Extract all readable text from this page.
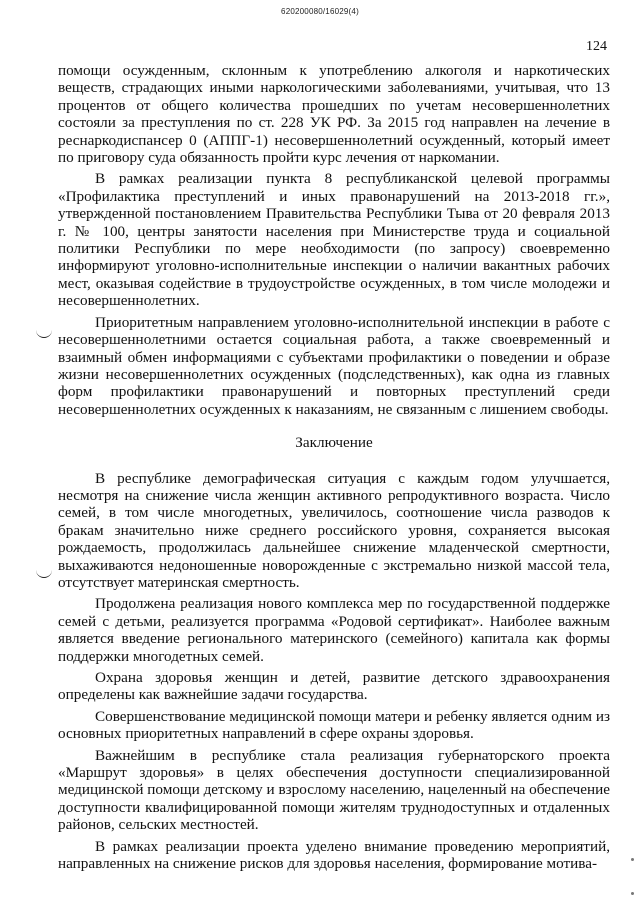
620200080/16029(4)
124

помощи осужденным, склонным к употреблению алкоголя и наркотических веществ, страдающих иными наркологическими заболеваниями, учитывая, что 13 процентов от общего количества прошедших по учетам несовершеннолетних состояли за преступления по ст. 228 УК РФ. За 2015 год направлен на лечение в реснаркодиспансер 0 (АППГ-1) несовершеннолетний осужденный, который имеет по приговору суда обязанность пройти курс лечения от наркомании.

В рамках реализации пункта 8 республиканской целевой программы «Профилактика преступлений и иных правонарушений на 2013-2018 гг.», утвержденной постановлением Правительства Республики Тыва от 20 февраля 2013 г. № 100, центры занятости населения при Министерстве труда и социальной политики Республики по мере необходимости (по запросу) своевременно информируют уголовно-исполнительные инспекции о наличии вакантных рабочих мест, оказывая содействие в трудоустройстве осужденных, в том числе молодежи и несовершеннолетних.

Приоритетным направлением уголовно-исполнительной инспекции в работе с несовершеннолетними остается социальная работа, а также своевременный и взаимный обмен информациями с субъектами профилактики о поведении и образе жизни несовершеннолетних осужденных (подследственных), как одна из главных форм профилактики правонарушений и повторных преступлений среди несовершеннолетних осужденных к наказаниям, не связанным с лишением свободы.

Заключение

В республике демографическая ситуация с каждым годом улучшается, несмотря на снижение числа женщин активного репродуктивного возраста. Число семей, в том числе многодетных, увеличилось, соотношение числа разводов к бракам значительно ниже среднего российского уровня, сохраняется высокая рождаемость, продолжилась дальнейшее снижение младенческой смертности, выхаживаются недоношенные новорожденные с экстремально низкой массой тела, отсутствует материнская смертность.

Продолжена реализация нового комплекса мер по государственной поддержке семей с детьми, реализуется программа «Родовой сертификат». Наиболее важным является введение регионального материнского (семейного) капитала как формы поддержки многодетных семей.

Охрана здоровья женщин и детей, развитие детского здравоохранения определены как важнейшие задачи государства.

Совершенствование медицинской помощи матери и ребенку является одним из основных приоритетных направлений в сфере охраны здоровья.

Важнейшим в республике стала реализация губернаторского проекта «Маршрут здоровья» в целях обеспечения доступности специализированной медицинской помощи детскому и взрослому населению, нацеленный на обеспечение доступности квалифицированной помощи жителям труднодоступных и отдаленных районов, сельских местностей.

В рамках реализации проекта уделено внимание проведению мероприятий, направленных на снижение рисков для здоровья населения, формирование мотива-
